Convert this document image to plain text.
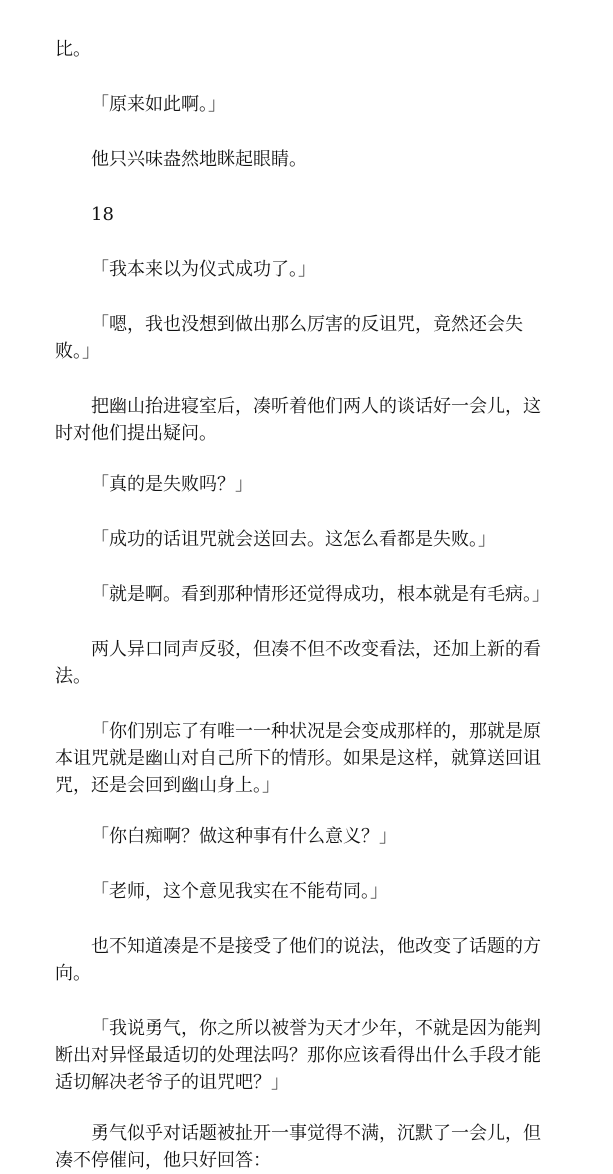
比。

「原来如此啊。」

他只兴味盎然地眯起眼睛。

18

「我本来以为仪式成功了。」

「嗯，我也没想到做出那么厉害的反诅咒，竟然还会失败。」

把幽山抬进寝室后，凑听着他们两人的谈话好一会儿，这时对他们提出疑问。

「真的是失败吗？」

「成功的话诅咒就会送回去。这怎么看都是失败。」

「就是啊。看到那种情形还觉得成功，根本就是有毛病。」

两人异口同声反驳，但凑不但不改变看法，还加上新的看法。

「你们别忘了有唯一一种状况是会变成那样的，那就是原本诅咒就是幽山对自己所下的情形。如果是这样，就算送回诅咒，还是会回到幽山身上。」

「你白痴啊？做这种事有什么意义？」

「老师，这个意见我实在不能苟同。」

也不知道凑是不是接受了他们的说法，他改变了话题的方向。

「我说勇气，你之所以被誉为天才少年，不就是因为能判断出对异怪最适切的处理法吗？那你应该看得出什么手段才能适切解决老爷子的诅咒吧？」

勇气似乎对话题被扯开一事觉得不满，沉默了一会儿，但凑不停催问，他只好回答：
